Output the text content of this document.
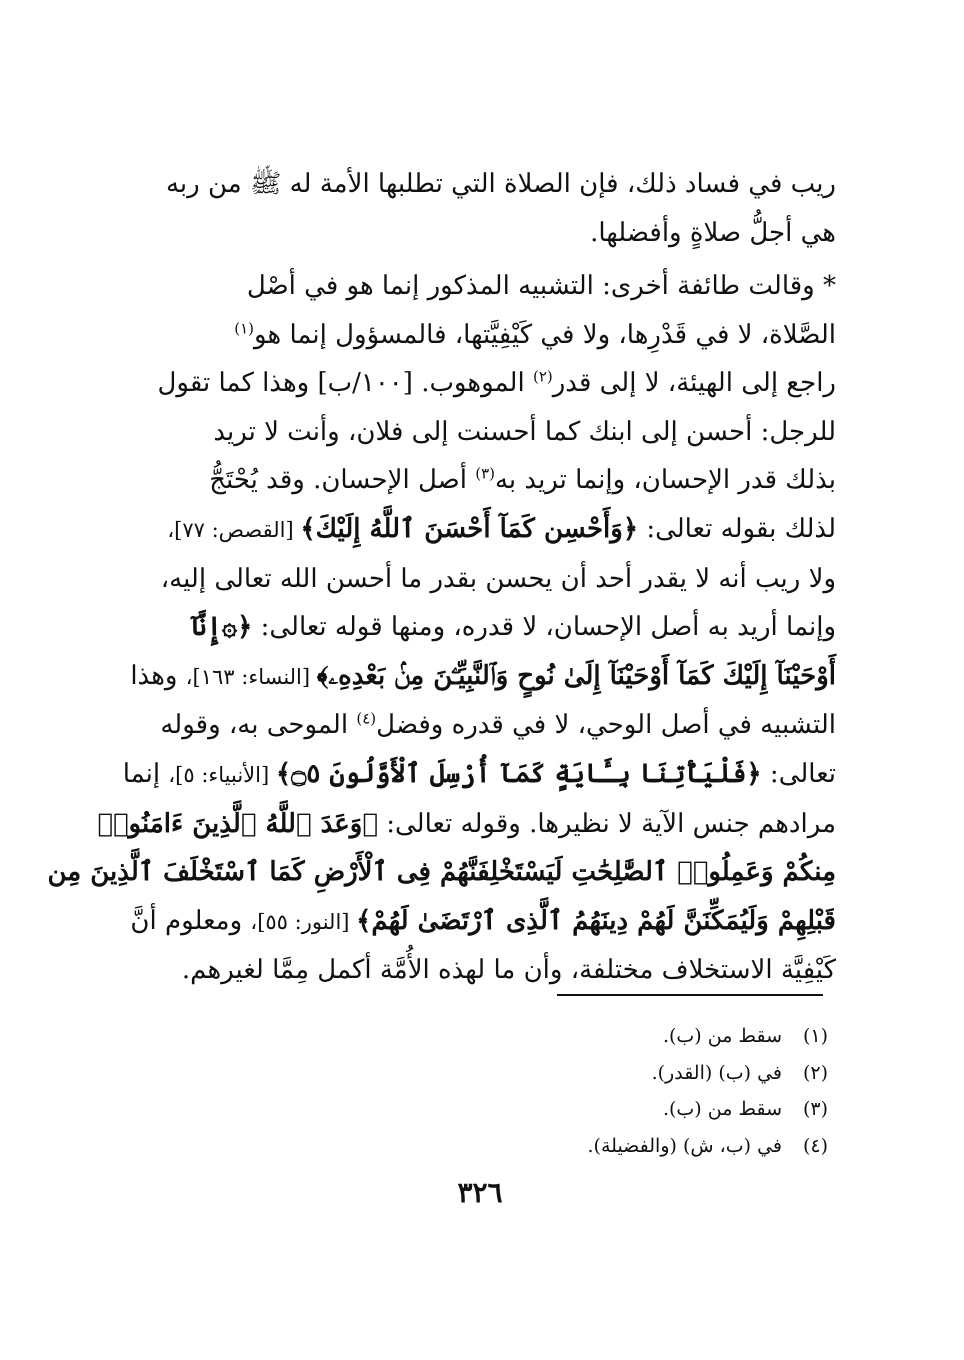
ريب في فساد ذلك، فإن الصلاة التي تطلبها الأمة له ﷺ من ربه
هي أجلُّ صلاةٍ وأفضلها.
* وقالت طائفة أخرى: التشبيه المذكور إنما هو في أصْل
الصَّلاة، لا في قَدْرِها، ولا في كَيْفِيَّتها، فالمسؤول إنما هو$^{(١)}$
راجع إلى الهيئة، لا إلى قدر$^{(٢)}$ الموهوب. [١٠٠/ب] وهذا كما تقول
للرجل: أحسن إلى ابنك كما أحسنت إلى فلان، وأنت لا تريد
بذلك قدر الإحسان، وإنما تريد به$^{(٣)}$ أصل الإحسان. وقد يُحْتَجُّ
لذلك بقوله تعالى: ﴿وَأَحْسِن كَمَآ أَحْسَنَ ٱللَّهُ إِلَيْكَ﴾ [القصص: ٧٧]،
ولا ريب أنه لا يقدر أحد أن يحسن بقدر ما أحسن الله تعالى إليه،
وإنما أريد به أصل الإحسان، لا قدره، ومنها قوله تعالى: ﴿۞إِنَّآ
أَوْحَيْنَآ إِلَيْكَ كَمَآ أَوْحَيْنَآ إِلَىٰ نُوحٍ وَٱلنَّبِيِّـۧنَ مِنۢ بَعْدِهِۦ﴾ [النساء: ١٦٣]، وهذا
التشبيه في أصل الوحي، لا في قدره وفضل$^{(٤)}$ الموحى به، وقوله
تعالى: ﴿فَلْيَأْتِنَا بِـَٔايَةٍ كَمَآ أُرْسِلَ ٱلْأَوَّلُونَ ۝٥﴾ [الأنبياء: ٥]، إنما
مرادهم جنس الآية لا نظيرها. وقوله تعالى: ﴿وَعَدَ ٱللَّهُ ٱلَّذِينَ ءَامَنُوا۟
مِنكُمْ وَعَمِلُوا۟ ٱلصَّٰلِحَٰتِ لَيَسْتَخْلِفَنَّهُمْ فِى ٱلْأَرْضِ كَمَا ٱسْتَخْلَفَ ٱلَّذِينَ مِن
قَبْلِهِمْ وَلَيُمَكِّنَنَّ لَهُمْ دِينَهُمُ ٱلَّذِى ٱرْتَضَىٰ لَهُمْ﴾ [النور: ٥٥]، ومعلوم أنَّ
كَيْفِيَّة الاستخلاف مختلفة، وأن ما لهذه الأُمَّة أكمل مِمَّا لغيرهم.
(١)سقط من (ب).
(٢)في (ب) (القدر).
(٣)سقط من (ب).
(٤)في (ب، ش) (والفضيلة).
٣٢٦
